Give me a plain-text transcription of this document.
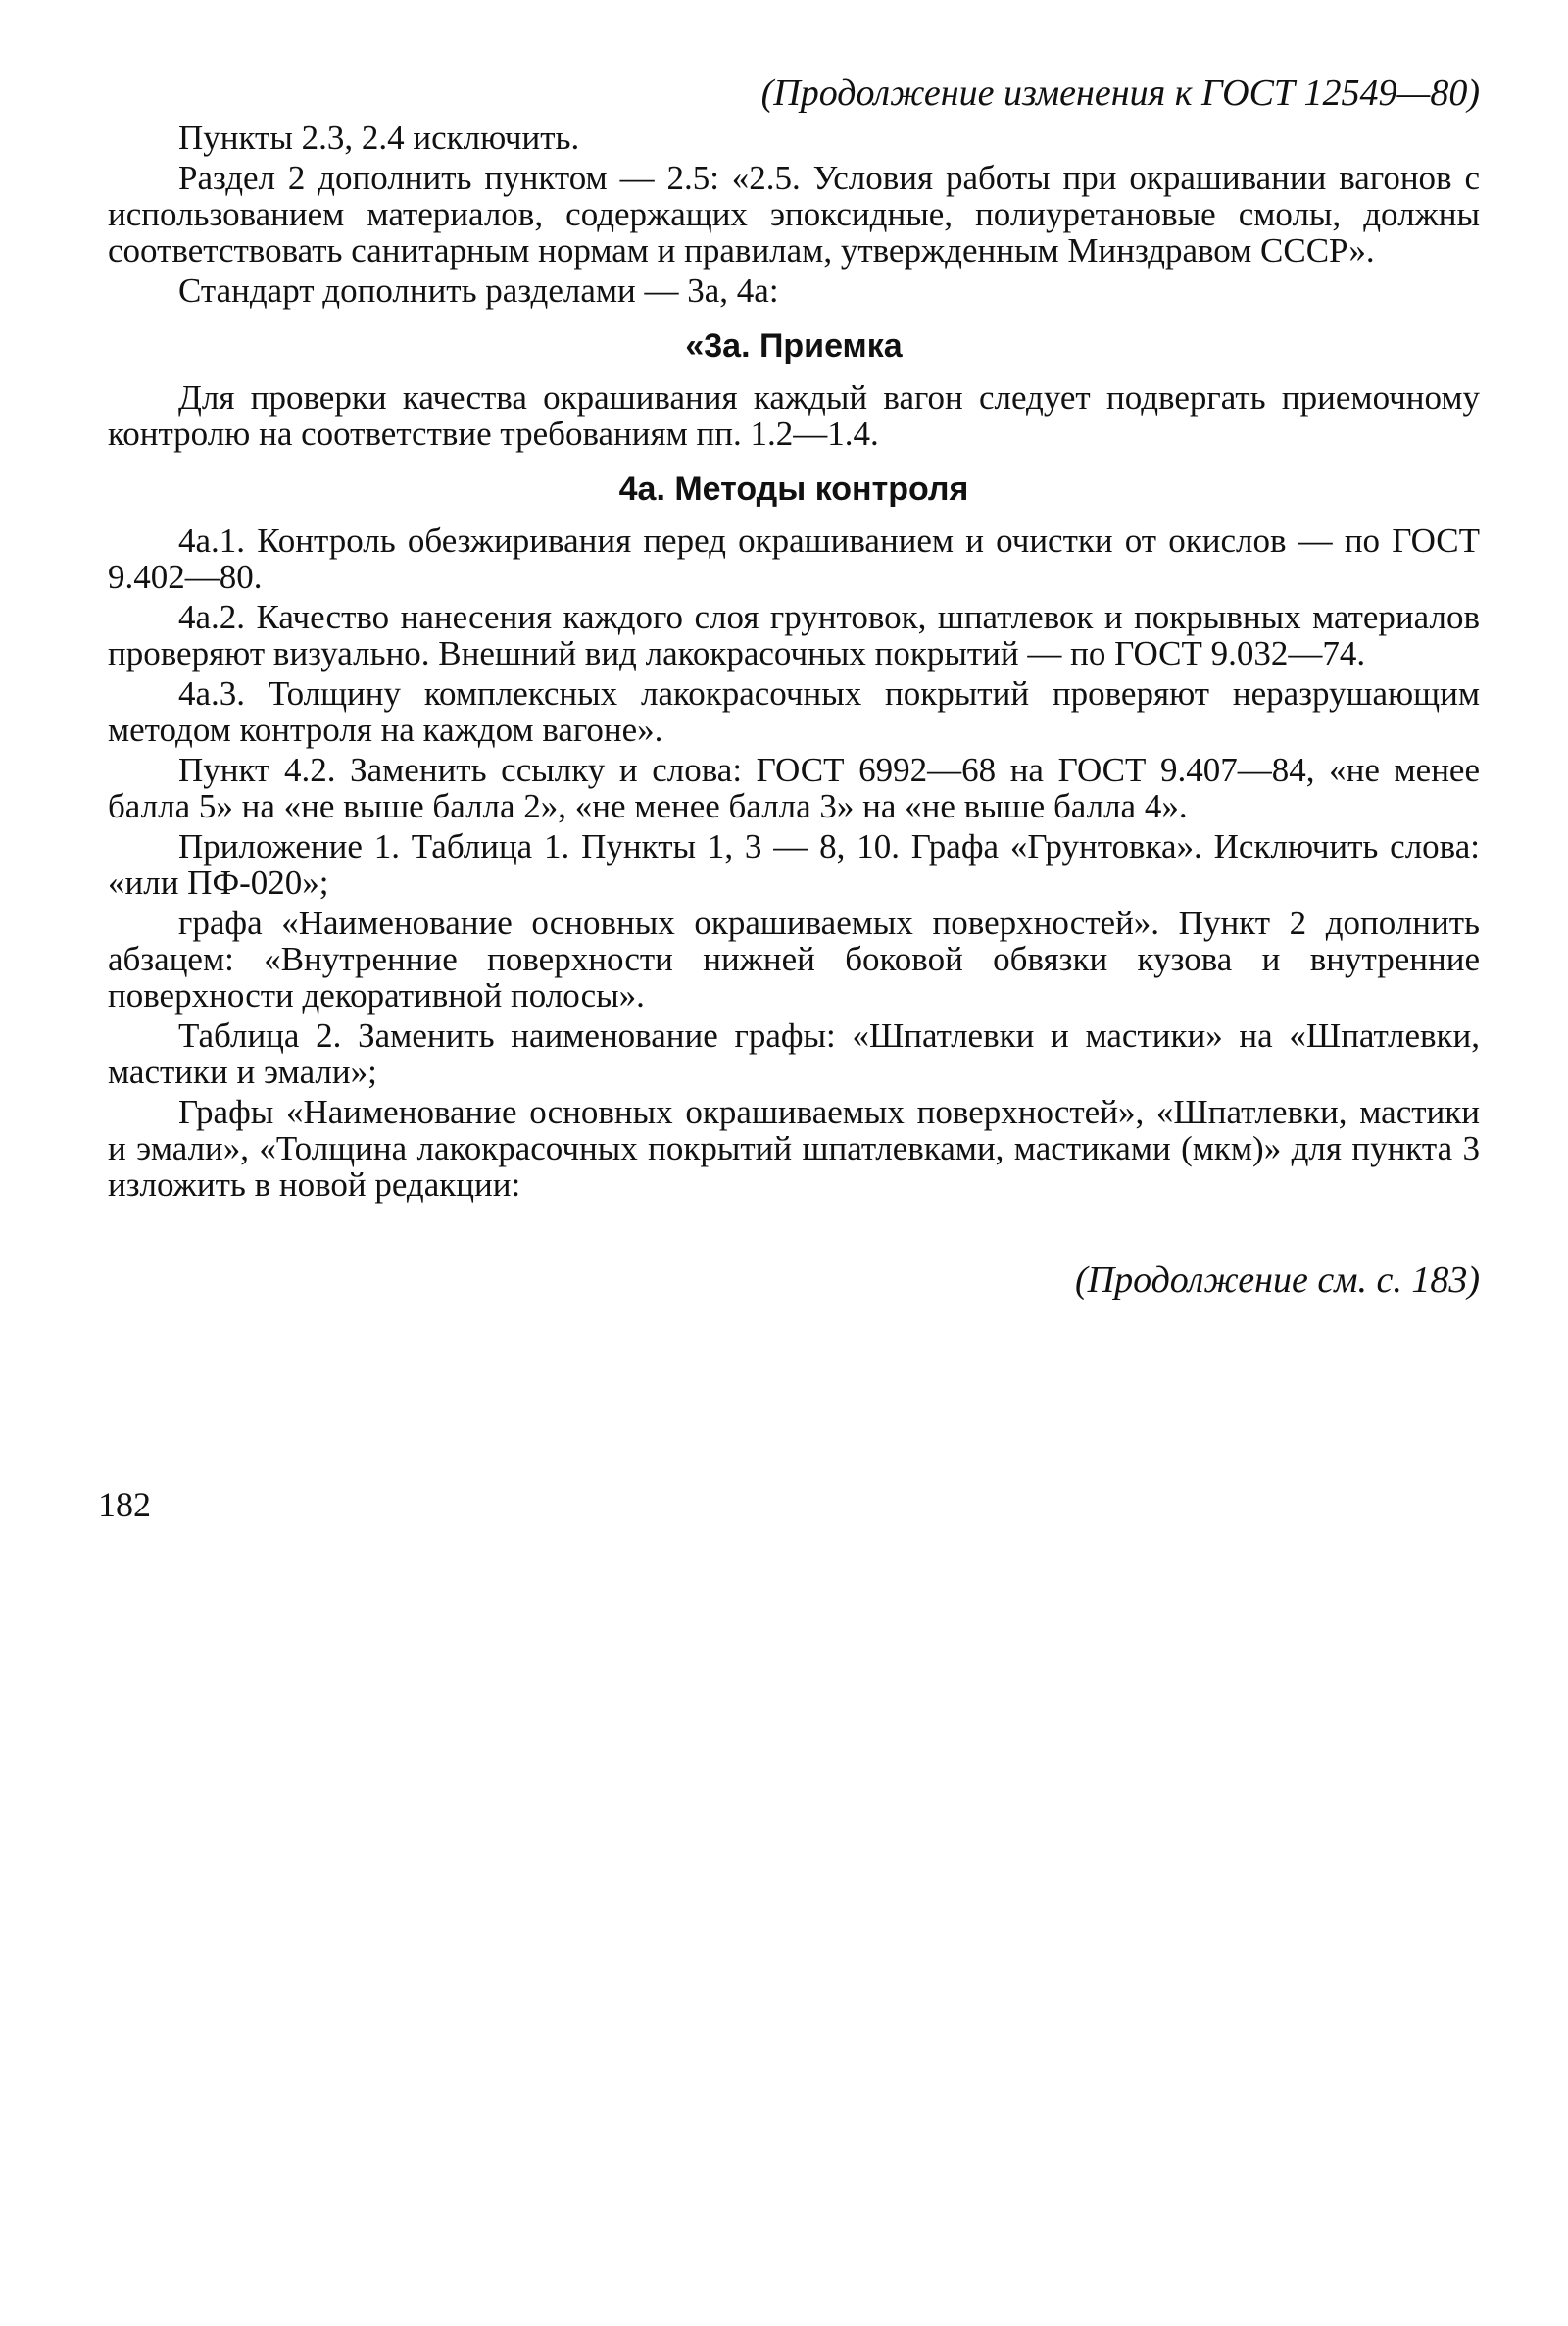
(Продолжение изменения к ГОСТ 12549—80)

Пункты 2.3, 2.4 исключить.

Раздел 2 дополнить пунктом — 2.5: «2.5. Условия работы при окрашивании вагонов с использованием материалов, содержащих эпоксидные, полиуретановые смолы, должны соответствовать санитарным нормам и правилам, утвержденным Минздравом СССР».

Стандарт дополнить разделами — 3а, 4а:

«3а. Приемка

Для проверки качества окрашивания каждый вагон следует подвергать приемочному контролю на соответствие требованиям пп. 1.2—1.4.

4а. Методы контроля

4а.1. Контроль обезжиривания перед окрашиванием и очистки от окислов — по ГОСТ 9.402—80.

4а.2. Качество нанесения каждого слоя грунтовок, шпатлевок и покрывных материалов проверяют визуально. Внешний вид лакокрасочных покрытий — по ГОСТ 9.032—74.

4а.3. Толщину комплексных лакокрасочных покрытий проверяют неразрушающим методом контроля на каждом вагоне».

Пункт 4.2. Заменить ссылку и слова: ГОСТ 6992—68 на ГОСТ 9.407—84, «не менее балла 5» на «не выше балла 2», «не менее балла 3» на «не выше балла 4».

Приложение 1. Таблица 1. Пункты 1, 3 — 8, 10. Графа «Грунтовка». Исключить слова: «или ПФ-020»;

графа «Наименование основных окрашиваемых поверхностей». Пункт 2 дополнить абзацем: «Внутренние поверхности нижней боковой обвязки кузова и внутренние поверхности декоративной полосы».

Таблица 2. Заменить наименование графы: «Шпатлевки и мастики» на «Шпатлевки, мастики и эмали»;

Графы «Наименование основных окрашиваемых поверхностей», «Шпатлевки, мастики и эмали», «Толщина лакокрасочных покрытий шпатлевками, мастиками (мкм)» для пункта 3 изложить в новой редакции:

(Продолжение см. с. 183)
182
